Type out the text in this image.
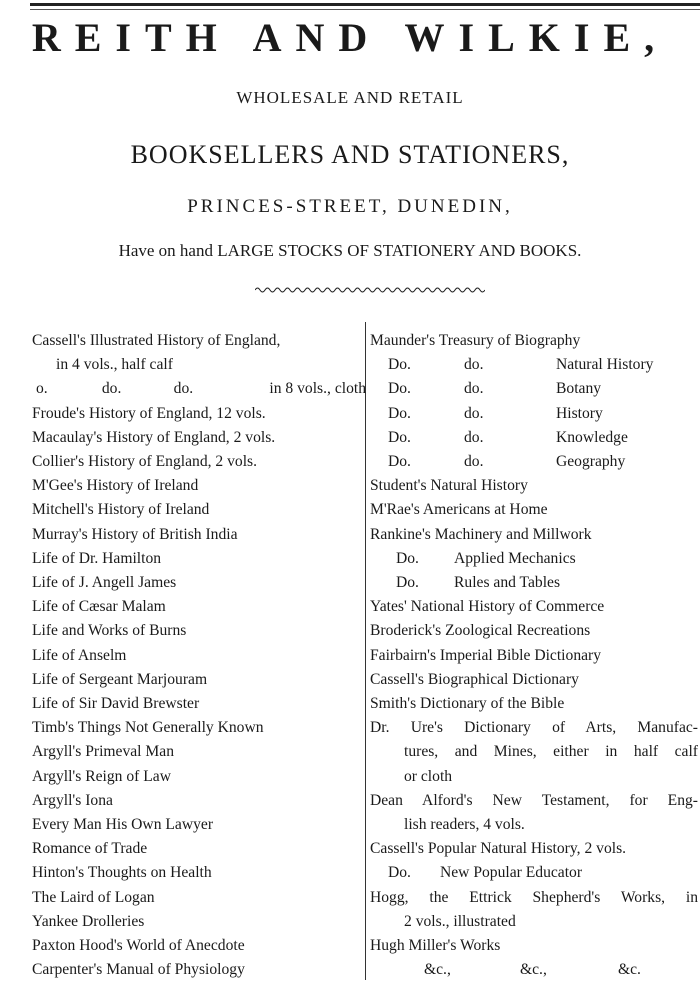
REITH AND WILKIE,
WHOLESALE AND RETAIL
BOOKSELLERS AND STATIONERS,
PRINCES-STREET, DUNEDIN,
Have on hand LARGE STOCKS OF STATIONERY AND BOOKS.
Cassell's Illustrated History of England,
in 4 vols., half calf
o.	do.	do.	in 8 vols., cloth
Froude's History of England, 12 vols.
Macaulay's History of England, 2 vols.
Collier's History of England, 2 vols.
M'Gee's History of Ireland
Mitchell's History of Ireland
Murray's History of British India
Life of Dr. Hamilton
Life of J. Angell James
Life of Cæsar Malam
Life and Works of Burns
Life of Anselm
Life of Sergeant Marjouram
Life of Sir David Brewster
Timb's Things Not Generally Known
Argyll's Primeval Man
Argyll's Reign of Law
Argyll's Iona
Every Man His Own Lawyer
Romance of Trade
Hinton's Thoughts on Health
The Laird of Logan
Yankee Drolleries
Paxton Hood's World of Anecdote
Carpenter's Manual of Physiology
Maunder's Treasury of Biography
Do.	do.	Natural History
Do.	do.	Botany
Do.	do.	History
Do.	do.	Knowledge
Do.	do.	Geography
Student's Natural History
M'Rae's Americans at Home
Rankine's Machinery and Millwork
Do.	Applied Mechanics
Do.	Rules and Tables
Yates' National History of Commerce
Broderick's Zoological Recreations
Fairbairn's Imperial Bible Dictionary
Cassell's Biographical Dictionary
Smith's Dictionary of the Bible
Dr. Ure's Dictionary of Arts, Manufac-
tures, and Mines, either in half calf
or cloth
Dean Alford's New Testament, for Eng-
lish readers, 4 vols.
Cassell's Popular Natural History, 2 vols.
Do.	New Popular Educator
Hogg, the Ettrick Shepherd's Works, in
2 vols., illustrated
Hugh Miller's Works
&c.,	&c.,	&c.
